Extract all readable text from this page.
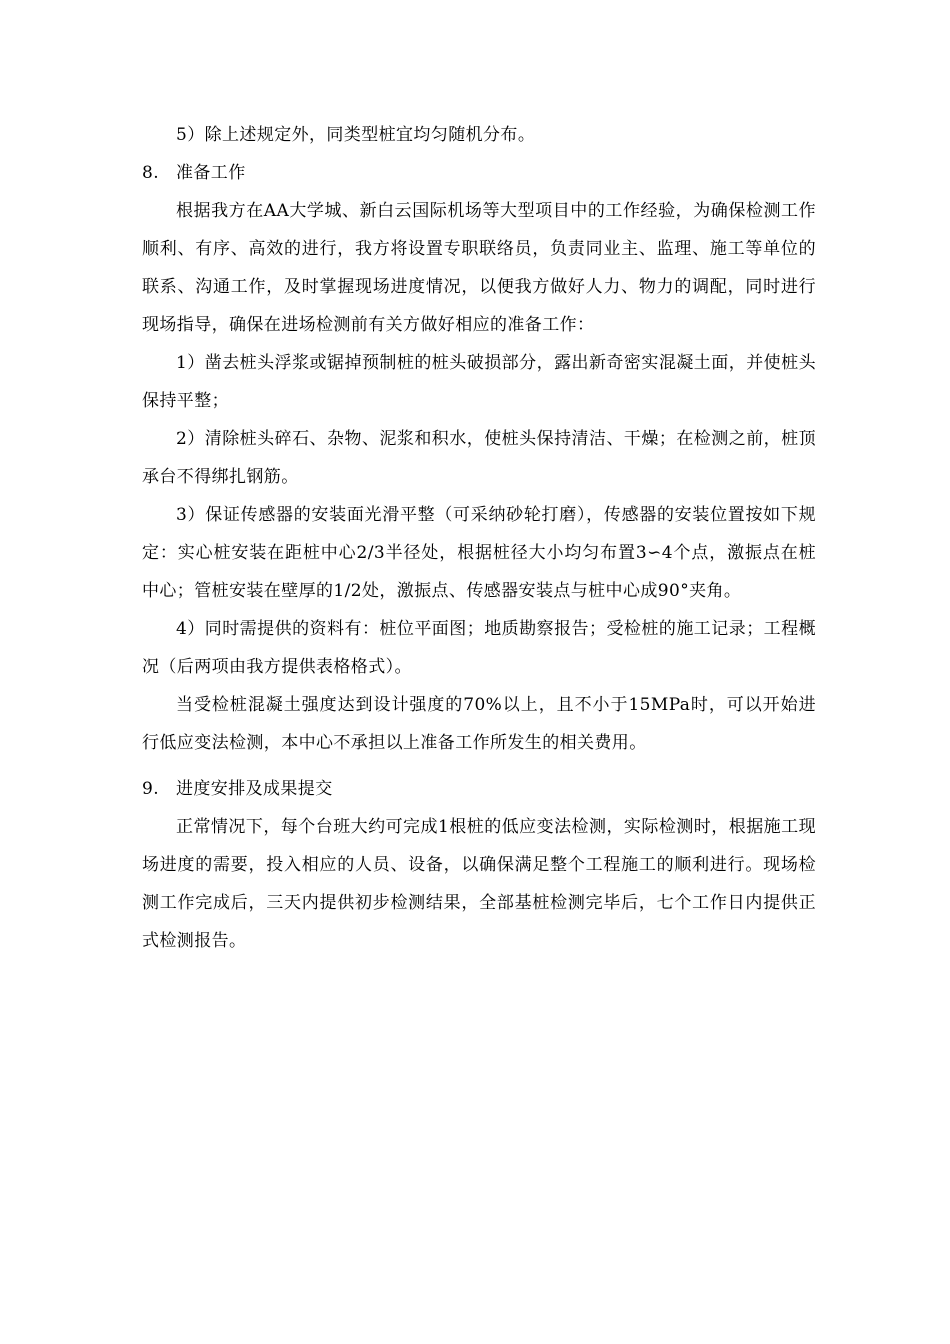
5）除上述规定外，同类型桩宜均匀随机分布。

8. 准备工作

根据我方在AA大学城、新白云国际机场等大型项目中的工作经验，为确保检测工作顺利、有序、高效的进行，我方将设置专职联络员，负责同业主、监理、施工等单位的联系、沟通工作，及时掌握现场进度情况，以便我方做好人力、物力的调配，同时进行现场指导，确保在进场检测前有关方做好相应的准备工作：

1）凿去桩头浮浆或锯掉预制桩的桩头破损部分，露出新奇密实混凝土面，并使桩头保持平整；

2）清除桩头碎石、杂物、泥浆和积水，使桩头保持清洁、干燥；在检测之前，桩顶承台不得绑扎钢筋。

3）保证传感器的安装面光滑平整（可采纳砂轮打磨），传感器的安装位置按如下规定：实心桩安装在距桩中心2/3半径处，根据桩径大小均匀布置3∽4个点，激振点在桩中心；管桩安装在壁厚的1/2处，激振点、传感器安装点与桩中心成90°夹角。

4）同时需提供的资料有：桩位平面图；地质勘察报告；受检桩的施工记录；工程概况（后两项由我方提供表格格式）。

当受检桩混凝土强度达到设计强度的70%以上，且不小于15MPa时，可以开始进行低应变法检测，本中心不承担以上准备工作所发生的相关费用。

9. 进度安排及成果提交

正常情况下，每个台班大约可完成1根桩的低应变法检测，实际检测时，根据施工现场进度的需要，投入相应的人员、设备，以确保满足整个工程施工的顺利进行。现场检测工作完成后，三天内提供初步检测结果，全部基桩检测完毕后，七个工作日内提供正式检测报告。
